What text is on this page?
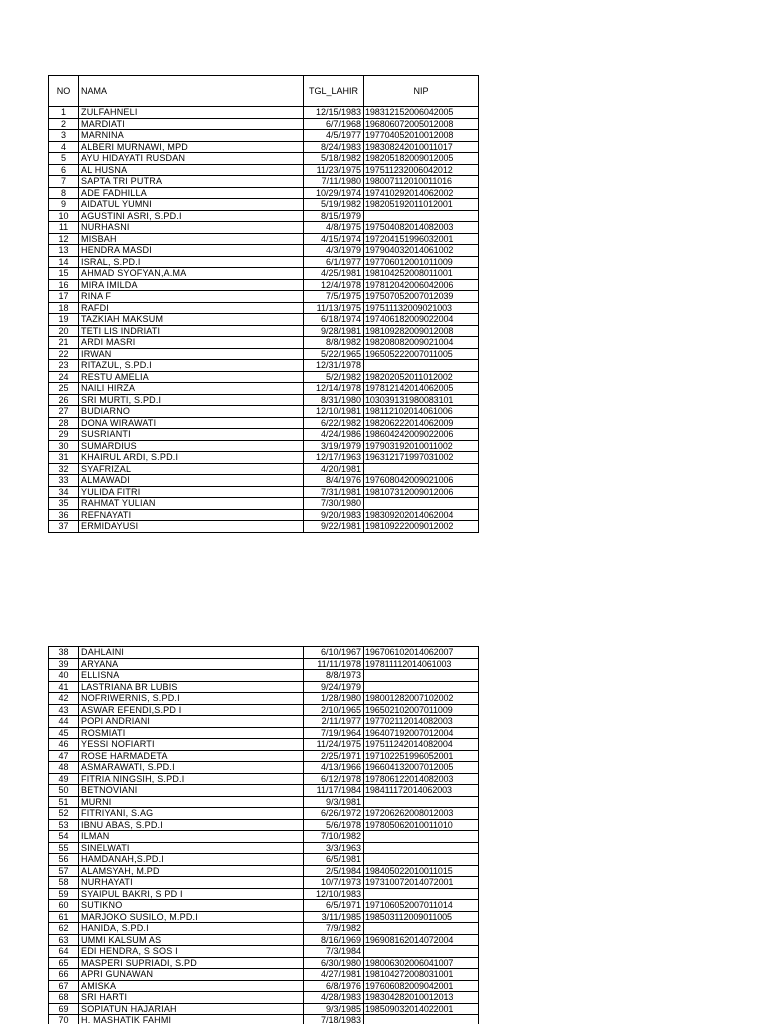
NO	NAMA	TGL_LAHIR	NIP
1	ZULFAHNELI	12/15/1983	198312152006042005
2	MARDIATI	6/7/1968	196806072005012008
3	MARNINA	4/5/1977	197704052010012008
4	ALBERI MURNAWI, MPD	8/24/1983	198308242010011017
5	AYU HIDAYATI RUSDAN	5/18/1982	198205182009012005
6	AL HUSNA	11/23/1975	197511232006042012
7	SAPTA TRI PUTRA	7/11/1980	198007112010011016
8	ADE FADHILLA	10/29/1974	197410292014062002
9	AIDATUL YUMNI	5/19/1982	198205192011012001
10	AGUSTINI ASRI, S.PD.I	8/15/1979	
11	NURHASNI	4/8/1975	197504082014082003
12	MISBAH	4/15/1974	197204151996032001
13	HENDRA MASDI	4/3/1979	197904032014061002
14	ISRAL, S.PD.I	6/1/1977	197706012001011009
15	AHMAD SYOFYAN,A.MA	4/25/1981	198104252008011001
16	MIRA IMILDA	12/4/1978	197812042006042006
17	RINA F	7/5/1975	197507052007012039
18	RAFDI	11/13/1975	197511132009021003
19	TAZKIAH MAKSUM	6/18/1974	197406182009022004
20	TETI LIS INDRIATI	9/28/1981	198109282009012008
21	ARDI MASRI	8/8/1982	198208082009021004
22	IRWAN	5/22/1965	196505222007011005
23	RITAZUL, S.PD.I	12/31/1978	
24	RESTU AMELIA	5/2/1982	198202052011012002
25	NAILI HIRZA	12/14/1978	197812142014062005
26	SRI MURTI, S.PD.I	8/31/1980	103039131980083101
27	BUDIARNO	12/10/1981	198112102014061006
28	DONA WIRAWATI	6/22/1982	198206222014062009
29	SUSRIANTI	4/24/1986	198604242009022006
30	SUMARDIUS	3/19/1979	197903192010011002
31	KHAIRUL ARDI, S.PD.I	12/17/1963	196312171997031002
32	SYAFRIZAL	4/20/1981	
33	ALMAWADI	8/4/1976	197608042009021006
34	YULIDA FITRI	7/31/1981	198107312009012006
35	RAHMAT YULIAN	7/30/1980	
36	REFNAYATI	9/20/1983	198309202014062004
37	ERMIDAYUSI	9/22/1981	198109222009012002
38	DAHLAINI	6/10/1967	196706102014062007
39	ARYANA	11/11/1978	197811112014061003
40	ELLISNA	8/8/1973	
41	LASTRIANA BR LUBIS	9/24/1979	
42	NOFRIWERNIS, S.PD.I	1/28/1980	198001282007102002
43	ASWAR EFENDI,S.PD I	2/10/1965	196502102007011009
44	POPI ANDRIANI	2/11/1977	197702112014082003
45	ROSMIATI	7/19/1964	196407192007012004
46	YESSI NOFIARTI	11/24/1975	197511242014082004
47	ROSE HARMADETA	2/25/1971	197102251996052001
48	ASMARAWATI, S.PD.I	4/13/1966	196604132007012005
49	FITRIA NINGSIH, S.PD.I	6/12/1978	197806122014082003
50	BETNOVIANI	11/17/1984	198411172014062003
51	MURNI	9/3/1981	
52	FITRIYANI, S.AG	6/26/1972	197206262008012003
53	IBNU ABAS, S.PD.I	5/6/1978	197805062010011010
54	ILMAN	7/10/1982	
55	SINELWATI	3/3/1963	
56	HAMDANAH,S.PD.I	6/5/1981	
57	ALAMSYAH, M.PD	2/5/1984	198405022010011015
58	NURHAYATI	10/7/1973	197310072014072001
59	SYAIPUL BAKRI, S PD I	12/10/1983	
60	SUTIKNO	6/5/1971	197106052007011014
61	MARJOKO SUSILO, M.PD.I	3/11/1985	198503112009011005
62	HANIDA, S.PD.I	7/9/1982	
63	UMMI KALSUM AS	8/16/1969	196908162014072004
64	EDI HENDRA, S SOS I	7/3/1984	
65	MASPERI SUPRIADI, S.PD	6/30/1980	198006302006041007
66	APRI GUNAWAN	4/27/1981	198104272008031001
67	AMISKA	6/8/1976	197606082009042001
68	SRI HARTI	4/28/1983	198304282010012013
69	SOPIATUN HAJARIAH	9/3/1985	198509032014022001
70	H. MASHATIK FAHMI	7/18/1983	
